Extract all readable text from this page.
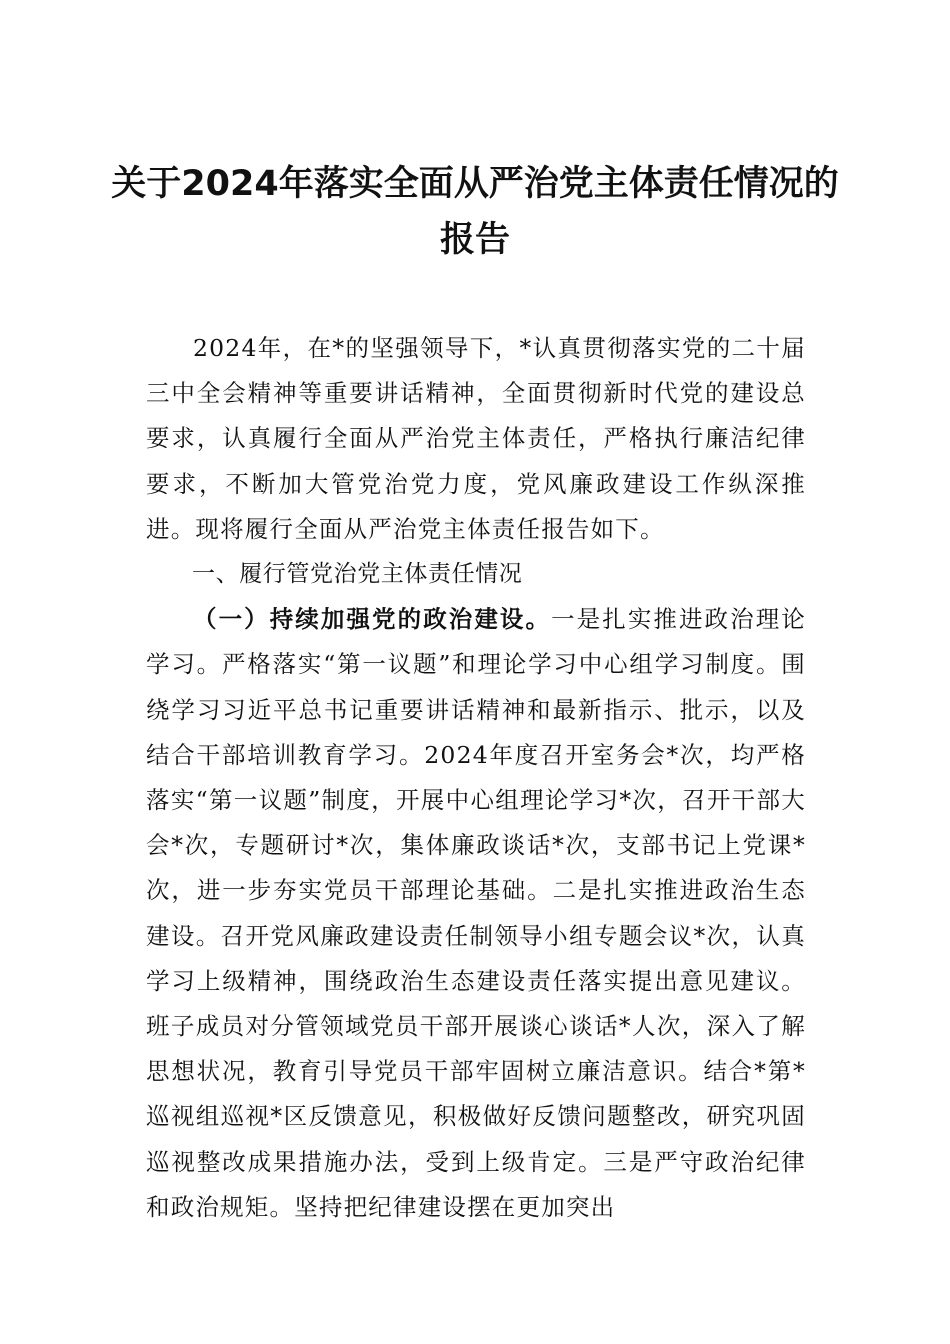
关于2024年落实全面从严治党主体责任情况的报告

2024年，在*的坚强领导下，*认真贯彻落实党的二十届三中全会精神等重要讲话精神，全面贯彻新时代党的建设总要求，认真履行全面从严治党主体责任，严格执行廉洁纪律要求，不断加大管党治党力度，党风廉政建设工作纵深推进。现将履行全面从严治党主体责任报告如下。

一、履行管党治党主体责任情况

（一）持续加强党的政治建设。一是扎实推进政治理论学习。严格落实“第一议题”和理论学习中心组学习制度。围绕学习习近平总书记重要讲话精神和最新指示、批示，以及结合干部培训教育学习。2024年度召开室务会*次，均严格落实“第一议题”制度，开展中心组理论学习*次，召开干部大会*次，专题研讨*次，集体廉政谈话*次，支部书记上党课*次，进一步夯实党员干部理论基础。二是扎实推进政治生态建设。召开党风廉政建设责任制领导小组专题会议*次，认真学习上级精神，围绕政治生态建设责任落实提出意见建议。班子成员对分管领域党员干部开展谈心谈话*人次，深入了解思想状况，教育引导党员干部牢固树立廉洁意识。结合*第*巡视组巡视*区反馈意见，积极做好反馈问题整改，研究巩固巡视整改成果措施办法，受到上级肯定。三是严守政治纪律和政治规矩。坚持把纪律建设摆在更加突出
